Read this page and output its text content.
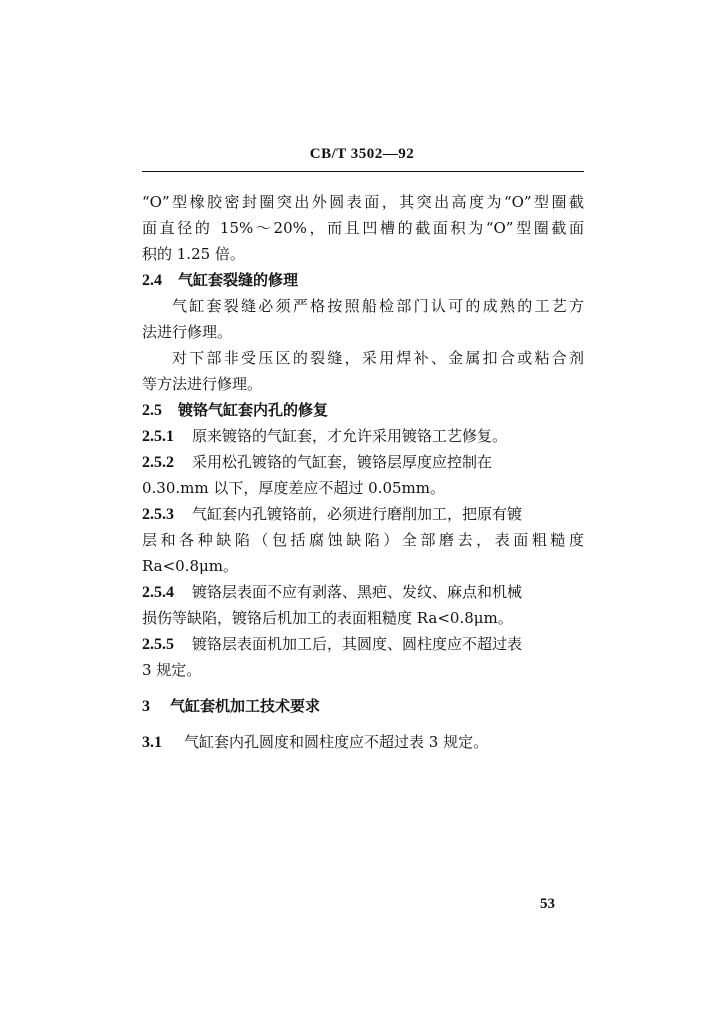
CB/T 3502—92
“O”型橡胶密封圈突出外圆表面，其突出高度为“O”型圈截
面直径的 15%～20%，而且凹槽的截面积为“O”型圈截面
积的 1.25 倍。
2.4 气缸套裂缝的修理
气缸套裂缝必须严格按照船检部门认可的成熟的工艺方
法进行修理。
对下部非受压区的裂缝，采用焊补、金属扣合或粘合剂
等方法进行修理。
2.5 镀铬气缸套内孔的修复
2.5.1 原来镀铬的气缸套，才允许采用镀铬工艺修复。
2.5.2 采用松孔镀铬的气缸套，镀铬层厚度应控制在
0.30.mm 以下，厚度差应不超过 0.05mm。
2.5.3 气缸套内孔镀铬前，必须进行磨削加工，把原有镀
层和各种缺陷（包括腐蚀缺陷）全部磨去，表面粗糙度
Ra<0.8μm。
2.5.4 镀铬层表面不应有剥落、黑疤、发纹、麻点和机械
损伤等缺陷，镀铬后机加工的表面粗糙度 Ra<0.8μm。
2.5.5 镀铬层表面机加工后，其圆度、圆柱度应不超过表
3 规定。
3 气缸套机加工技术要求
3.1 气缸套内孔圆度和圆柱度应不超过表 3 规定。
53
